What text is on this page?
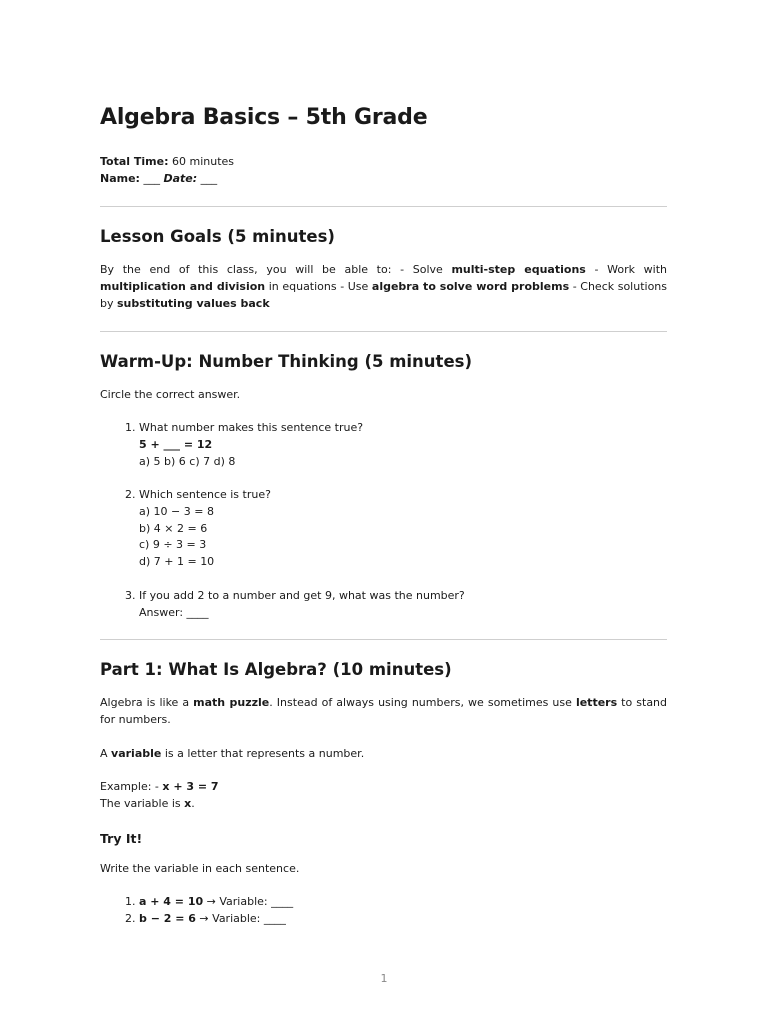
Algebra Basics – 5th Grade

Total Time: 60 minutes

Name: ___ Date: ___

Lesson Goals (5 minutes)

By the end of this class, you will be able to: - Solve multi-step equations - Work with multiplication and division in equations - Use algebra to solve word problems - Check solutions by substituting values back

Warm-Up: Number Thinking (5 minutes)

Circle the correct answer.

1. What number makes this sentence true?
5 + ___ = 12
a) 5 b) 6 c) 7 d) 8
2. Which sentence is true?
a) 10 − 3 = 8
b) 4 × 2 = 6
c) 9 ÷ 3 = 3
d) 7 + 1 = 10
3. If you add 2 to a number and get 9, what was the number?
Answer: ____
Part 1: What Is Algebra? (10 minutes)

Algebra is like a math puzzle. Instead of always using numbers, we sometimes use letters to stand for numbers.

A variable is a letter that represents a number.

Example: - x + 3 = 7
The variable is x.

Try It!

Write the variable in each sentence.

1. a + 4 = 10 → Variable: ____
2. b − 2 = 6 → Variable: ____
1
